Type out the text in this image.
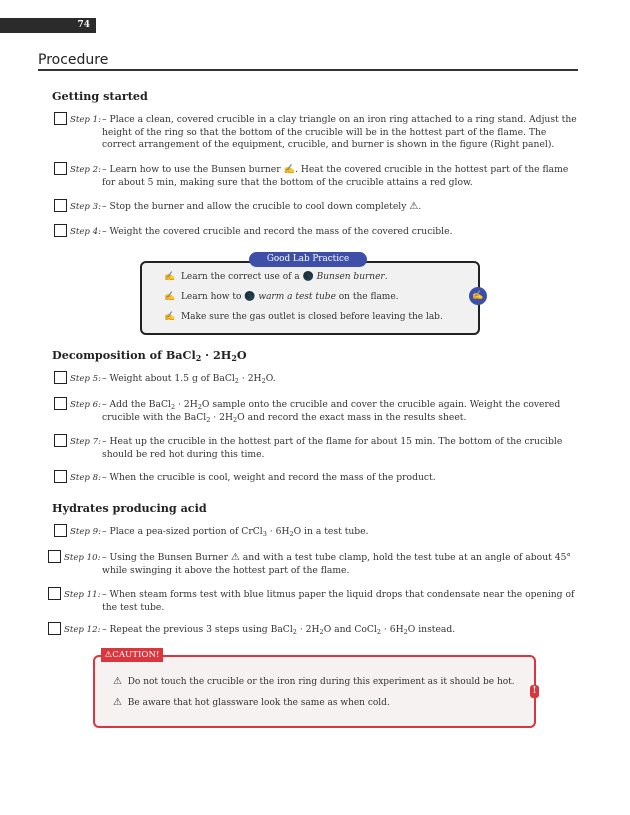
74
Procedure
Getting started
Step 1: – Place a clean, covered crucible in a clay triangle on an iron ring attached to a ring stand. Adjust the height of the ring so that the bottom of the crucible will be in the hottest part of the flame. The correct arrangement of the equipment, crucible, and burner is shown in the figure (Right panel).
Step 2: – Learn how to use the Bunsen burner ✍. Heat the covered crucible in the hottest part of the flame for about 5 min, making sure that the bottom of the crucible attains a red glow.
Step 3: – Stop the burner and allow the crucible to cool down completely ⚠.
Step 4: – Weight the covered crucible and record the mass of the covered crucible.
✍ Learn the correct use of a 🌑 Bunsen burner.
✍ Learn how to 🌑 warm a test tube on the flame.
✍ Make sure the gas outlet is closed before leaving the lab.
Good Lab Practice
✍
Decomposition of BaCl$_2$ · $2H_2O$
Step 5: – Weight about 1.5 g of BaCl$_2$ · $2H_2O$.
Step 6: – Add the BaCl$_2$ · $2H_2O$ sample onto the crucible and cover the crucible again. Weight the covered crucible with the BaCl$_2$ · $2H_2O$ and record the exact mass in the results sheet.
Step 7: – Heat up the crucible in the hottest part of the flame for about 15 min. The bottom of the crucible should be red hot during this time.
Step 8: – When the crucible is cool, weight and record the mass of the product.
Hydrates producing acid
Step 9: – Place a pea-sized portion of CrCl$_3$ · $6H_2O$ in a test tube.
Step 10: – Using the Bunsen Burner ⚠ and with a test tube clamp, hold the test tube at an angle of about 45° while swinging it above the hottest part of the flame.
Step 11: – When steam forms test with blue litmus paper the liquid drops that condensate near the opening of the test tube.
Step 12: – Repeat the previous 3 steps using BaCl$_2$ · $2H_2O$ and CoCl$_2$ · $6H_2O$ instead.
⚠ Do not touch the crucible or the iron ring during this experiment as it should be hot.
⚠ Be aware that hot glassware look the same as when cold.
⚠CAUTION!
!
